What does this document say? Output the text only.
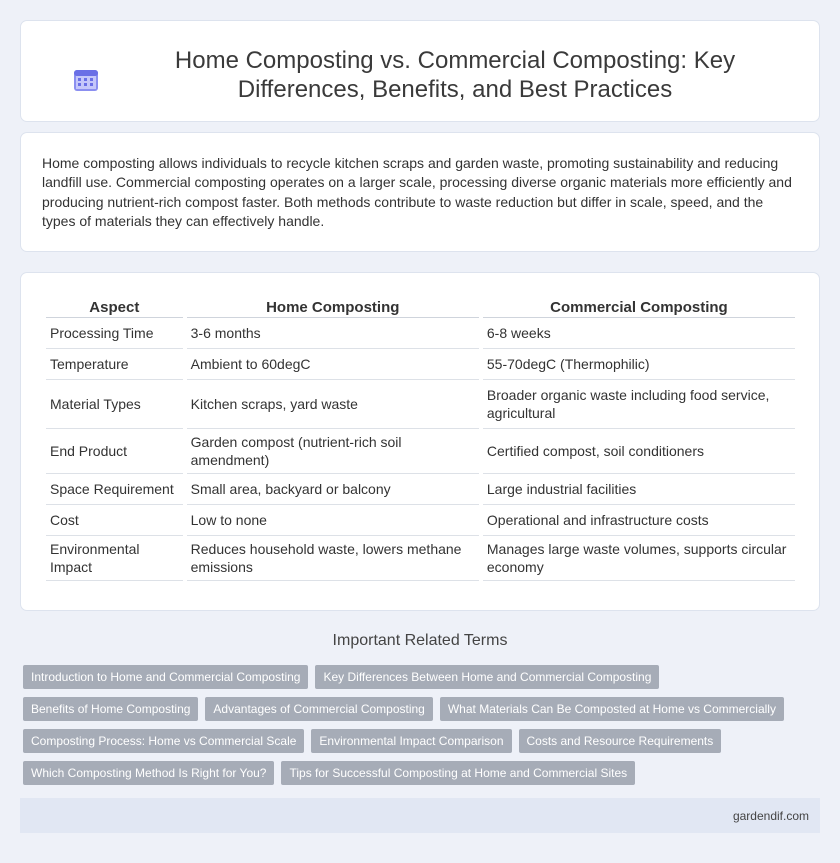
Home Composting vs. Commercial Composting: Key Differences, Benefits, and Best Practices

Home composting allows individuals to recycle kitchen scraps and garden waste, promoting sustainability and reducing landfill use. Commercial composting operates on a larger scale, processing diverse organic materials more efficiently and producing nutrient-rich compost faster. Both methods contribute to waste reduction but differ in scale, speed, and the types of materials they can effectively handle.

Aspect	Home Composting	Commercial Composting
Processing Time	3-6 months	6-8 weeks
Temperature	Ambient to 60degC	55-70degC (Thermophilic)
Material Types	Kitchen scraps, yard waste	Broader organic waste including food service, agricultural
End Product	Garden compost (nutrient-rich soil amendment)	Certified compost, soil conditioners
Space Requirement	Small area, backyard or balcony	Large industrial facilities
Cost	Low to none	Operational and infrastructure costs
Environmental Impact	Reduces household waste, lowers methane emissions	Manages large waste volumes, supports circular economy
Important Related Terms
Introduction to Home and Commercial Composting	Key Differences Between Home and Commercial Composting
Benefits of Home Composting	Advantages of Commercial Composting	What Materials Can Be Composted at Home vs Commercially
Composting Process: Home vs Commercial Scale	Environmental Impact Comparison	Costs and Resource Requirements
Which Composting Method Is Right for You?	Tips for Successful Composting at Home and Commercial Sites
gardendif.com
